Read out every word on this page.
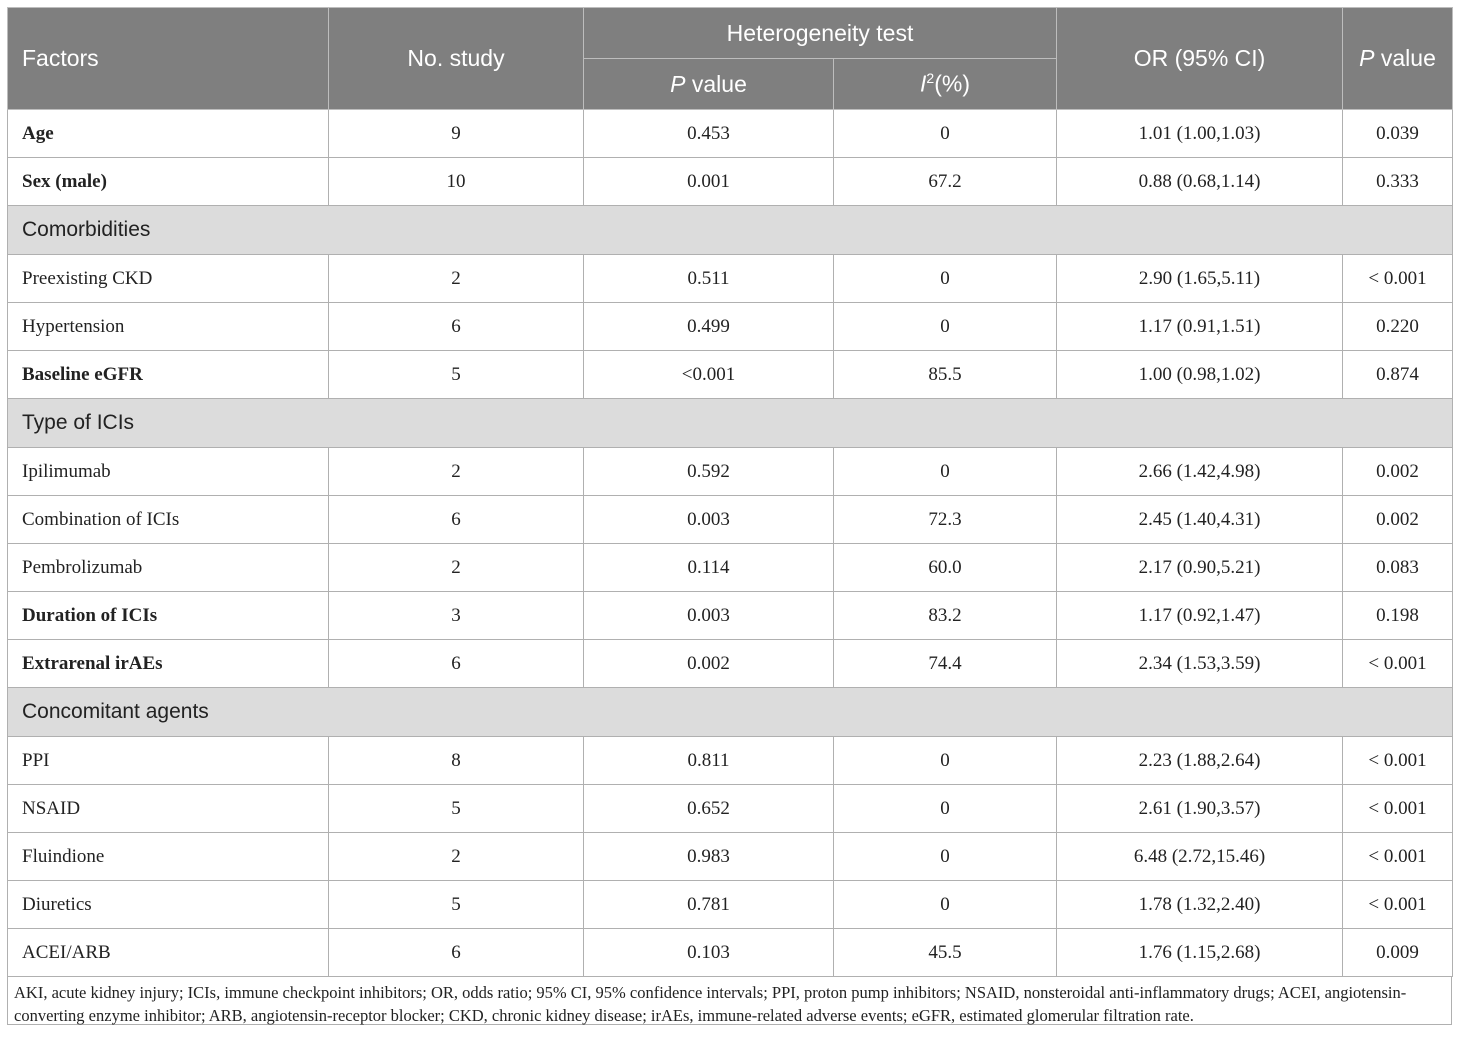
Factors	No. study	Heterogeneity test		OR (95% CI)	P value
		P value	$I^2(\%)$		
Age	9	0.453	0	1.01 (1.00,1.03)	0.039
Sex (male)	10	0.001	67.2	0.88 (0.68,1.14)	0.333
Comorbidities					
Preexisting CKD	2	0.511	0	2.90 (1.65,5.11)	< 0.001
Hypertension	6	0.499	0	1.17 (0.91,1.51)	0.220
Baseline eGFR	5	<0.001	85.5	1.00 (0.98,1.02)	0.874
Type of ICIs					
Ipilimumab	2	0.592	0	2.66 (1.42,4.98)	0.002
Combination of ICIs	6	0.003	72.3	2.45 (1.40,4.31)	0.002
Pembrolizumab	2	0.114	60.0	2.17 (0.90,5.21)	0.083
Duration of ICIs	3	0.003	83.2	1.17 (0.92,1.47)	0.198
Extrarenal irAEs	6	0.002	74.4	2.34 (1.53,3.59)	< 0.001
Concomitant agents					
PPI	8	0.811	0	2.23 (1.88,2.64)	< 0.001
NSAID	5	0.652	0	2.61 (1.90,3.57)	< 0.001
Fluindione	2	0.983	0	6.48 (2.72,15.46)	< 0.001
Diuretics	5	0.781	0	1.78 (1.32,2.40)	< 0.001
ACEI/ARB	6	0.103	45.5	1.76 (1.15,2.68)	0.009
AKI, acute kidney injury; ICIs, immune checkpoint inhibitors; OR, odds ratio; 95% CI, 95% confidence intervals; PPI, proton pump inhibitors; NSAID, nonsteroidal anti-inflammatory drugs; ACEI, angiotensin-converting enzyme inhibitor; ARB, angiotensin-receptor blocker; CKD, chronic kidney disease; irAEs, immune-related adverse events; eGFR, estimated glomerular filtration rate.
